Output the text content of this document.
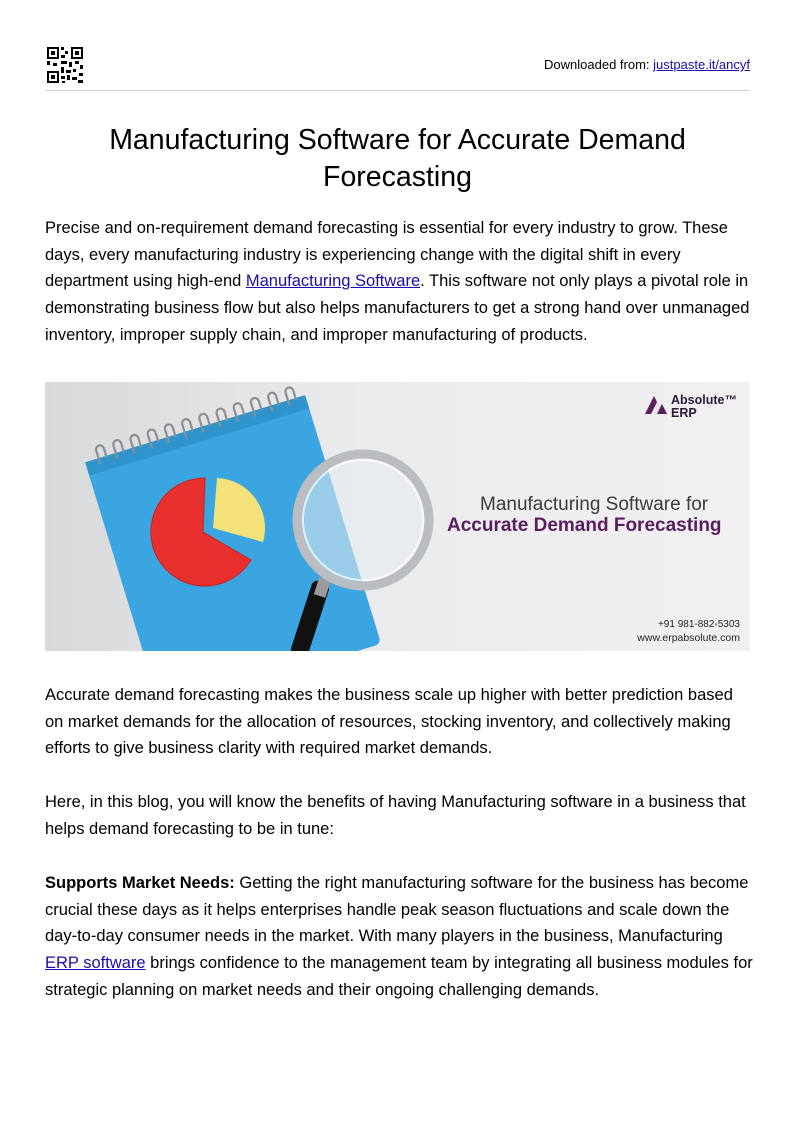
Downloaded from: justpaste.it/ancyf
Manufacturing Software for Accurate Demand Forecasting

Precise and on-requirement demand forecasting is essential for every industry to grow. These days, every manufacturing industry is experiencing change with the digital shift in every department using high-end Manufacturing Software. This software not only plays a pivotal role in demonstrating business flow but also helps manufacturers to get a strong hand over unmanaged inventory, improper supply chain, and improper manufacturing of products.

Absolute™
ERP
Manufacturing Software for
Accurate Demand Forecasting
+91 981-882-5303
www.erpabsolute.com

Accurate demand forecasting makes the business scale up higher with better prediction based on market demands for the allocation of resources, stocking inventory, and collectively making efforts to give business clarity with required market demands.

Here, in this blog, you will know the benefits of having Manufacturing software in a business that helps demand forecasting to be in tune:

Supports Market Needs: Getting the right manufacturing software for the business has become crucial these days as it helps enterprises handle peak season fluctuations and scale down the day-to-day consumer needs in the market. With many players in the business, Manufacturing ERP software brings confidence to the management team by integrating all business modules for strategic planning on market needs and their ongoing challenging demands.
